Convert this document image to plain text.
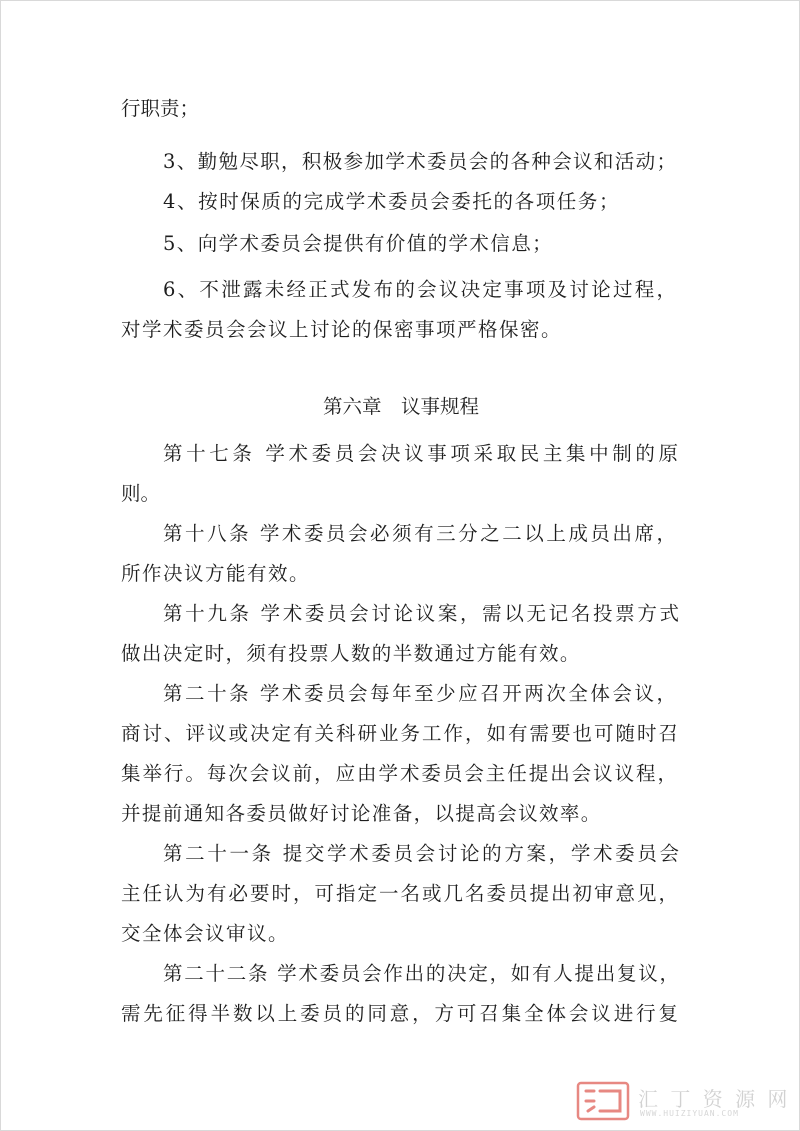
行职责；
3、勤勉尽职，积极参加学术委员会的各种会议和活动；
4、按时保质的完成学术委员会委托的各项任务；
5、向学术委员会提供有价值的学术信息；
6、不泄露未经正式发布的会议决定事项及讨论过程，
对学术委员会会议上讨论的保密事项严格保密。
第六章　议事规程
第十七条 学术委员会决议事项采取民主集中制的原
则。
第十八条 学术委员会必须有三分之二以上成员出席，
所作决议方能有效。
第十九条 学术委员会讨论议案，需以无记名投票方式
做出决定时，须有投票人数的半数通过方能有效。
第二十条 学术委员会每年至少应召开两次全体会议，
商讨、评议或决定有关科研业务工作，如有需要也可随时召
集举行。每次会议前，应由学术委员会主任提出会议议程，
并提前通知各委员做好讨论准备，以提高会议效率。
第二十一条 提交学术委员会讨论的方案，学术委员会
主任认为有必要时，可指定一名或几名委员提出初审意见，
交全体会议审议。
第二十二条 学术委员会作出的决定，如有人提出复议，
需先征得半数以上委员的同意，方可召集全体会议进行复
汇 丁 资 源 网
WWW.HUIZIYUAN.COM
